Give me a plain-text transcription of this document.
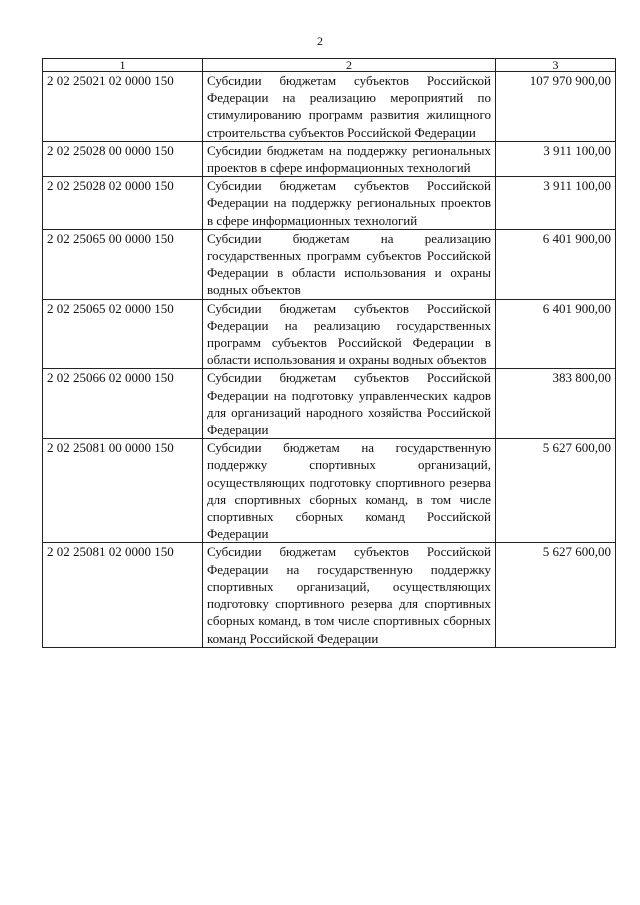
2
1	2	3
2 02 25021 02 0000 150	Субсидии бюджетам субъектов Российской Федерации на реализацию мероприятий по стимулированию программ развития жилищного строительства субъектов Российской Федерации	107 970 900,00
2 02 25028 00 0000 150	Субсидии бюджетам на поддержку региональных проектов в сфере информационных технологий	3 911 100,00
2 02 25028 02 0000 150	Субсидии бюджетам субъектов Российской Федерации на поддержку региональных проектов в сфере информационных технологий	3 911 100,00
2 02 25065 00 0000 150	Субсидии бюджетам на реализацию государственных программ субъектов Российской Федерации в области использования и охраны водных объектов	6 401 900,00
2 02 25065 02 0000 150	Субсидии бюджетам субъектов Российской Федерации на реализацию государственных программ субъектов Российской Федерации в области использования и охраны водных объектов	6 401 900,00
2 02 25066 02 0000 150	Субсидии бюджетам субъектов Российской Федерации на подготовку управленческих кадров для организаций народного хозяйства Российской Федерации	383 800,00
2 02 25081 00 0000 150	Субсидии бюджетам на государственную поддержку спортивных организаций, осуществляющих подготовку спортивного резерва для спортивных сборных команд, в том числе спортивных сборных команд Российской Федерации	5 627 600,00
2 02 25081 02 0000 150	Субсидии бюджетам субъектов Российской Федерации на государственную поддержку спортивных организаций, осуществляющих подготовку спортивного резерва для спортивных сборных команд, в том числе спортивных сборных команд Российской Федерации	5 627 600,00
